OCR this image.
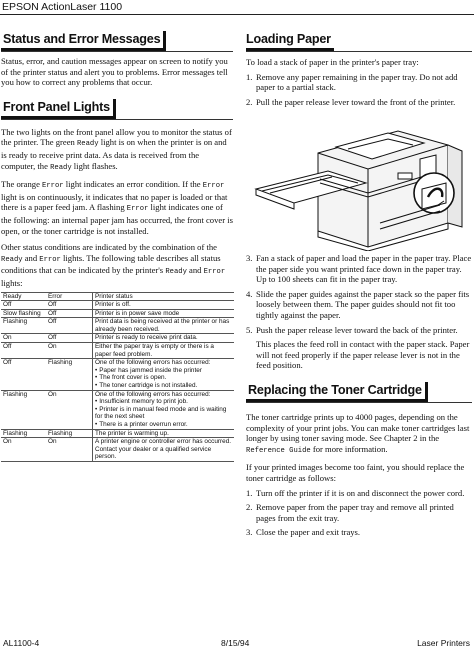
EPSON ActionLaser 1100
Status and Error Messages

Status, error, and caution messages appear on screen to notify you of the printer status and alert you to problems. Error messages tell you how to correct any problems that occur.

Front Panel Lights

The two lights on the front panel allow you to monitor the status of the printer. The green Ready light is on when the printer is on and is ready to receive print data. As data is received from the computer, the Ready light flashes.

The orange Error light indicates an error condition. If the Error light is on continuously, it indicates that no paper is loaded or that there is a paper feed jam. A flashing Error light indicates one of the following: an internal paper jam has occurred, the front cover is open, or the toner cartridge is not installed.

Other status conditions are indicated by the combination of the Ready and Error lights. The following table describes all status conditions that can be indicated by the printer's Ready and Error lights:

Ready	Error	Printer status
Off	Off	Printer is off.
Slow flashing	Off	Printer is in power save mode
Flashing	Off	Print data is being received at the printer or has already been received.
On	Off	Printer is ready to receive print data.
Off	On	Either the paper tray is empty or there is a paper feed problem.
Off	Flashing	One of the following errors has occurred:
• Paper has jammed inside the printer
• The front cover is open.
• The toner cartridge is not installed.

Flashing	On	One of the following errors has occurred:
• Insufficient memory to print job.
• Printer is in manual feed mode and is waiting for the next sheet
• There is a printer overrun error.

Flashing	Flashing	The printer is warming up.
On	On	A printer engine or controller error has occurred. Contact your dealer or a qualified service person.
Loading Paper

To load a stack of paper in the printer's paper tray:

1. Remove any paper remaining in the paper tray. Do not add paper to a partial stack.
2. Pull the paper release lever toward the front of the printer.
3. Fan a stack of paper and load the paper in the paper tray. Place the paper side you want printed face down in the paper tray. Up to 100 sheets can fit in the paper tray.
4. Slide the paper guides against the paper stack so the paper fits loosely between them. The paper guides should not fit too tightly against the paper.
5. Push the paper release lever toward the back of the printer.

This places the feed roll in contact with the paper stack. Paper will not feed properly if the paper release lever is not in the feed position.

Replacing the Toner Cartridge

The toner cartridge prints up to 4000 pages, depending on the complexity of your print jobs. You can make toner cartridges last longer by using toner saving mode. See Chapter 2 in the Reference Guide for more information.

If your printed images become too faint, you should replace the toner cartridge as follows:

1. Turn off the printer if it is on and disconnect the power cord.
2. Remove paper from the paper tray and remove all printed pages from the exit tray.
3. Close the paper and exit trays.
AL1100-4	8/15/94	Laser Printers
